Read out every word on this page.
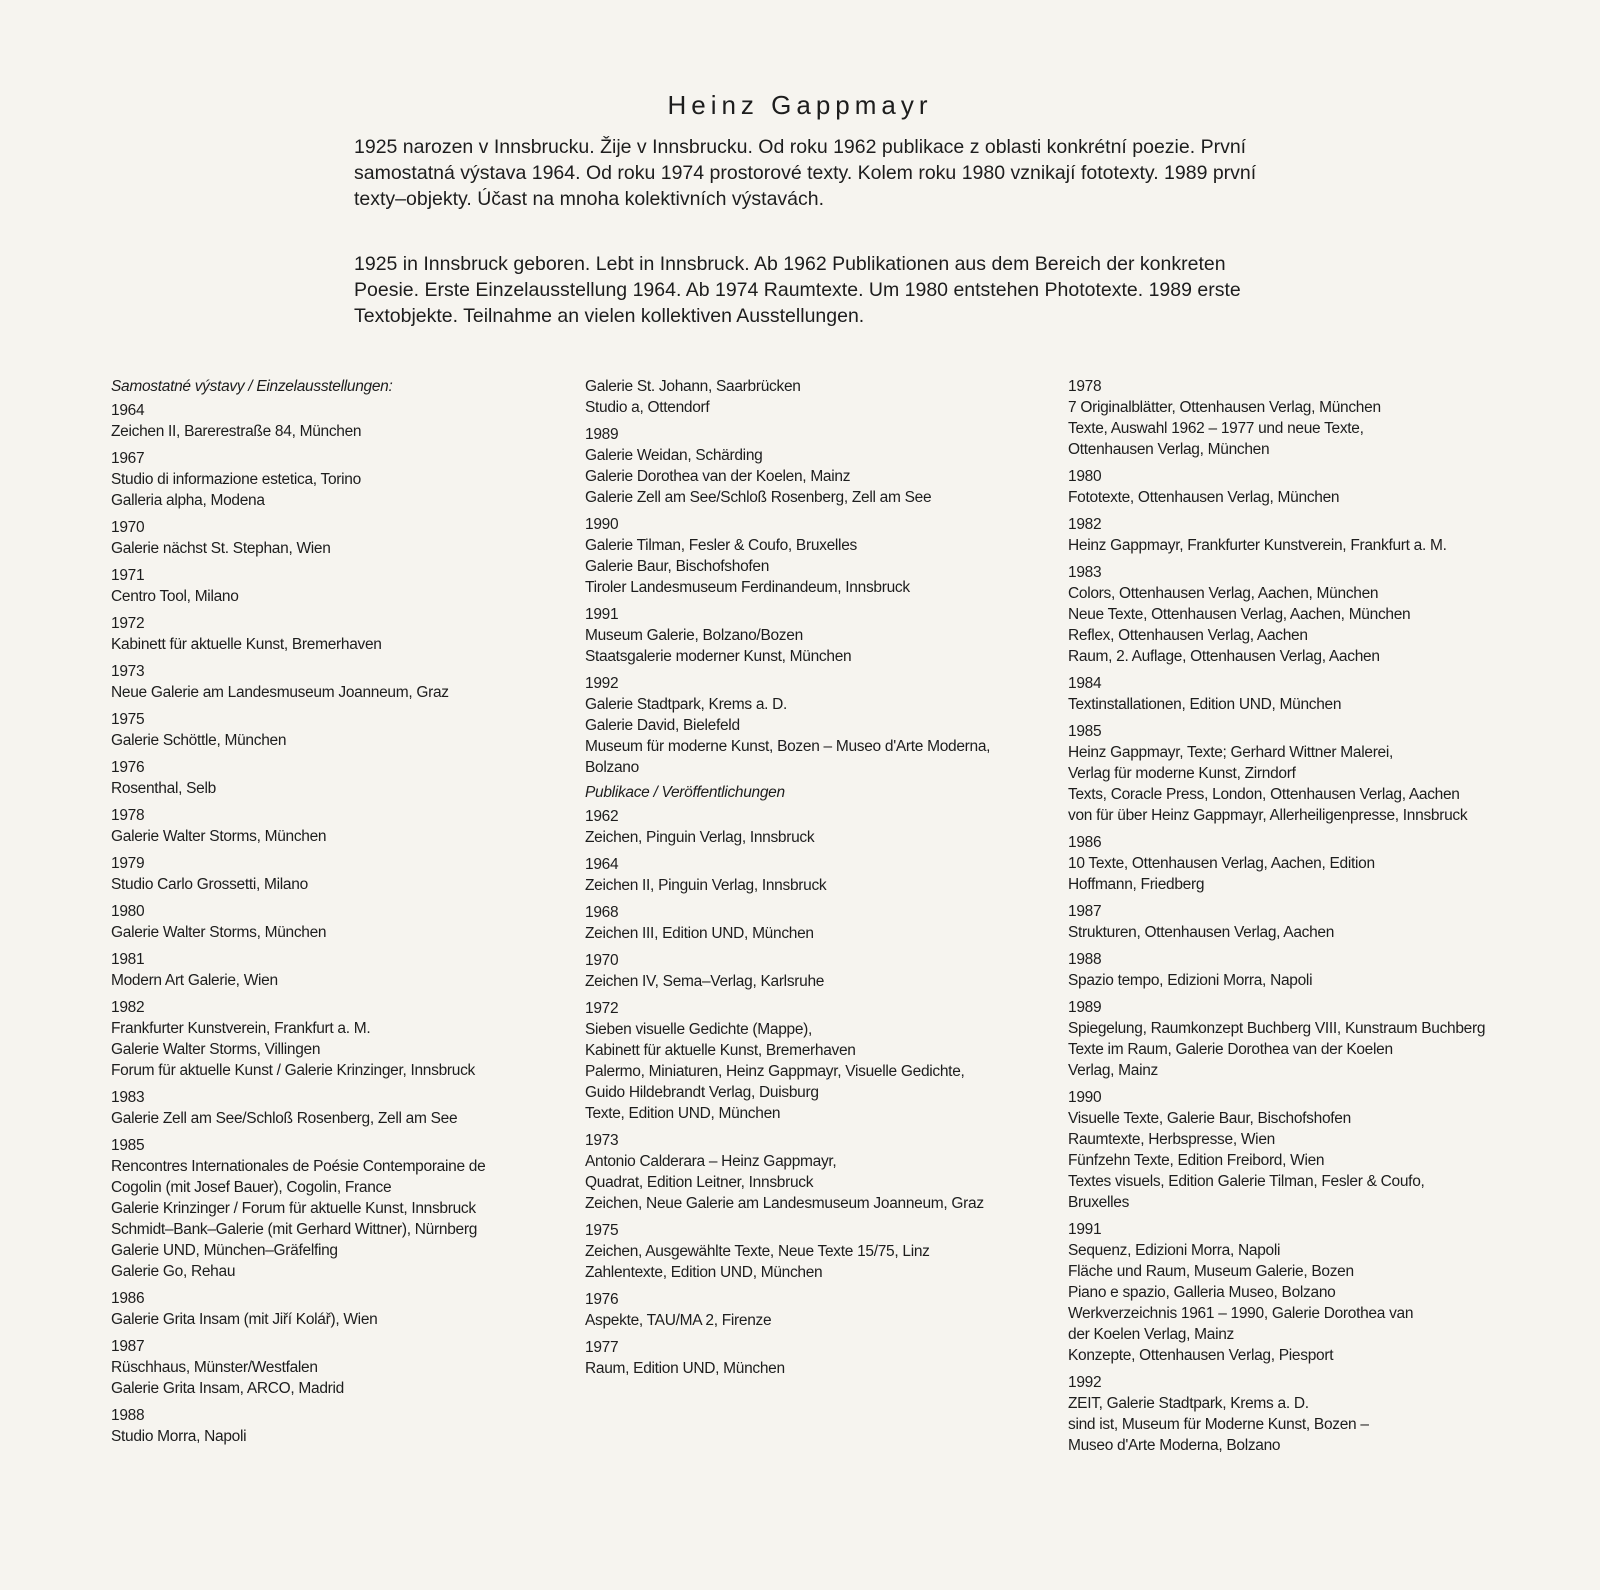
Heinz Gappmayr

1925 narozen v Innsbrucku. Žije v Innsbrucku. Od roku 1962 publikace z oblasti konkrétní poezie. První samostatná výstava 1964. Od roku 1974 prostorové texty. Kolem roku 1980 vznikají fototexty. 1989 první texty–objekty. Účast na mnoha kolektivních výstavách.

1925 in Innsbruck geboren. Lebt in Innsbruck. Ab 1962 Publikationen aus dem Bereich der konkreten Poesie. Erste Einzelausstellung 1964. Ab 1974 Raumtexte. Um 1980 entstehen Phototexte. 1989 erste Textobjekte. Teilnahme an vielen kollektiven Ausstellungen.

Samostatné výstavy / Einzelausstellungen:
1964
Zeichen II, Barerestraße 84, München
1967
Studio di informazione estetica, Torino
Galleria alpha, Modena
1970
Galerie nächst St. Stephan, Wien
1971
Centro Tool, Milano
1972
Kabinett für aktuelle Kunst, Bremerhaven
1973
Neue Galerie am Landesmuseum Joanneum, Graz
1975
Galerie Schöttle, München
1976
Rosenthal, Selb
1978
Galerie Walter Storms, München
1979
Studio Carlo Grossetti, Milano
1980
Galerie Walter Storms, München
1981
Modern Art Galerie, Wien
1982
Frankfurter Kunstverein, Frankfurt a. M.
Galerie Walter Storms, Villingen
Forum für aktuelle Kunst / Galerie Krinzinger, Innsbruck
1983
Galerie Zell am See/Schloß Rosenberg, Zell am See
1985
Rencontres Internationales de Poésie Contemporaine de
Cogolin (mit Josef Bauer), Cogolin, France
Galerie Krinzinger / Forum für aktuelle Kunst, Innsbruck
Schmidt–Bank–Galerie (mit Gerhard Wittner), Nürnberg
Galerie UND, München–Gräfelfing
Galerie Go, Rehau
1986
Galerie Grita Insam (mit Jiří Kolář), Wien
1987
Rüschhaus, Münster/Westfalen
Galerie Grita Insam, ARCO, Madrid
1988
Studio Morra, Napoli
Galerie St. Johann, Saarbrücken
Studio a, Ottendorf
1989
Galerie Weidan, Schärding
Galerie Dorothea van der Koelen, Mainz
Galerie Zell am See/Schloß Rosenberg, Zell am See
1990
Galerie Tilman, Fesler & Coufo, Bruxelles
Galerie Baur, Bischofshofen
Tiroler Landesmuseum Ferdinandeum, Innsbruck
1991
Museum Galerie, Bolzano/Bozen
Staatsgalerie moderner Kunst, München
1992
Galerie Stadtpark, Krems a. D.
Galerie David, Bielefeld
Museum für moderne Kunst, Bozen – Museo d'Arte Moderna,
Bolzano
Publikace / Veröffentlichungen
1962
Zeichen, Pinguin Verlag, Innsbruck
1964
Zeichen II, Pinguin Verlag, Innsbruck
1968
Zeichen III, Edition UND, München
1970
Zeichen IV, Sema–Verlag, Karlsruhe
1972
Sieben visuelle Gedichte (Mappe),
Kabinett für aktuelle Kunst, Bremerhaven
Palermo, Miniaturen, Heinz Gappmayr, Visuelle Gedichte,
Guido Hildebrandt Verlag, Duisburg
Texte, Edition UND, München
1973
Antonio Calderara – Heinz Gappmayr,
Quadrat, Edition Leitner, Innsbruck
Zeichen, Neue Galerie am Landesmuseum Joanneum, Graz
1975
Zeichen, Ausgewählte Texte, Neue Texte 15/75, Linz
Zahlentexte, Edition UND, München
1976
Aspekte, TAU/MA 2, Firenze
1977
Raum, Edition UND, München
1978
7 Originalblätter, Ottenhausen Verlag, München
Texte, Auswahl 1962 – 1977 und neue Texte,
Ottenhausen Verlag, München
1980
Fototexte, Ottenhausen Verlag, München
1982
Heinz Gappmayr, Frankfurter Kunstverein, Frankfurt a. M.
1983
Colors, Ottenhausen Verlag, Aachen, München
Neue Texte, Ottenhausen Verlag, Aachen, München
Reflex, Ottenhausen Verlag, Aachen
Raum, 2. Auflage, Ottenhausen Verlag, Aachen
1984
Textinstallationen, Edition UND, München
1985
Heinz Gappmayr, Texte; Gerhard Wittner Malerei,
Verlag für moderne Kunst, Zirndorf
Texts, Coracle Press, London, Ottenhausen Verlag, Aachen
von für über Heinz Gappmayr, Allerheiligenpresse, Innsbruck
1986
10 Texte, Ottenhausen Verlag, Aachen, Edition
Hoffmann, Friedberg
1987
Strukturen, Ottenhausen Verlag, Aachen
1988
Spazio tempo, Edizioni Morra, Napoli
1989
Spiegelung, Raumkonzept Buchberg VIII, Kunstraum Buchberg
Texte im Raum, Galerie Dorothea van der Koelen
Verlag, Mainz
1990
Visuelle Texte, Galerie Baur, Bischofshofen
Raumtexte, Herbspresse, Wien
Fünfzehn Texte, Edition Freibord, Wien
Textes visuels, Edition Galerie Tilman, Fesler & Coufo,
Bruxelles
1991
Sequenz, Edizioni Morra, Napoli
Fläche und Raum, Museum Galerie, Bozen
Piano e spazio, Galleria Museo, Bolzano
Werkverzeichnis 1961 – 1990, Galerie Dorothea van
der Koelen Verlag, Mainz
Konzepte, Ottenhausen Verlag, Piesport
1992
ZEIT, Galerie Stadtpark, Krems a. D.
sind ist, Museum für Moderne Kunst, Bozen –
Museo d'Arte Moderna, Bolzano
